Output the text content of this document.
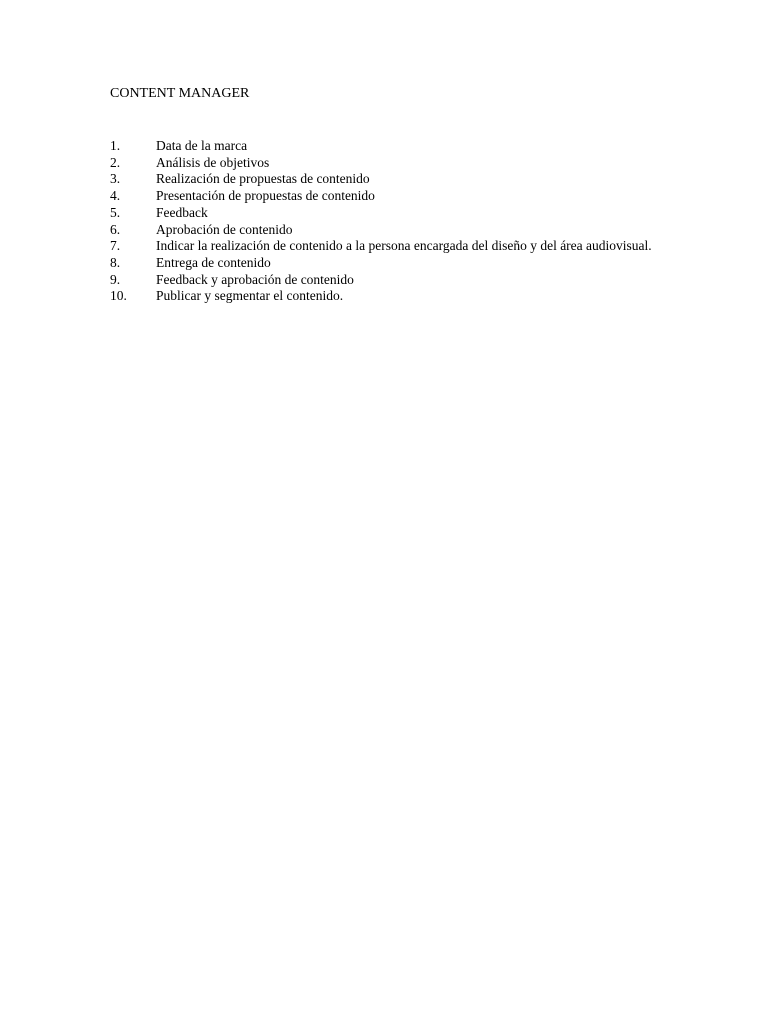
CONTENT MANAGER
1.	Data de la marca
2.	Análisis de objetivos
3.	Realización de propuestas de contenido
4.	Presentación de propuestas de contenido
5.	Feedback
6.	Aprobación de contenido
7.	Indicar la realización de contenido a la persona encargada del diseño y del área audiovisual.
8.	Entrega de contenido
9.	Feedback y aprobación de contenido
10.	Publicar y segmentar el contenido.
